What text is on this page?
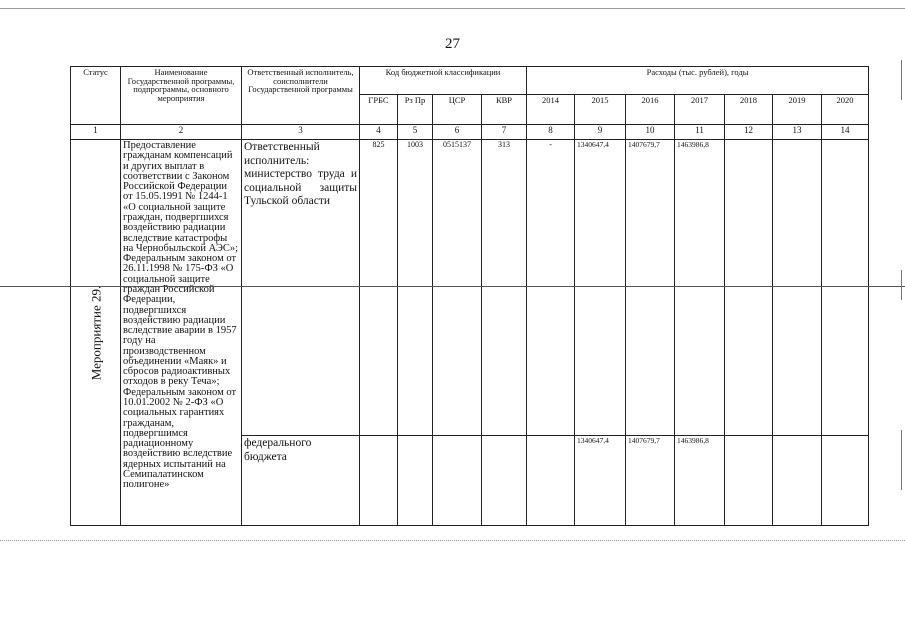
27
Статус	Наименование Государственной программы, подпрограммы, основного мероприятия	Ответственный исполнитель, соисполнители Государственной программы	Код бюджетной классификации				Расходы (тыс. рублей), годы						
			ГРБС	Рз Пр	ЦСР	КВР	2014	2015	2016	2017	2018	2019	2020
1	2	3	4	5	6	7	8	9	10	11	12	13	14

Мероприятие 29.	Предоставление гражданам компенсаций и других выплат в соответствии с Законом Российской Федерации от 15.05.1991 № 1244-1 «О социальной защите граждан, подвергшихся воздействию радиации вследствие катастрофы на Чернобыльской АЭС»; Федеральным законом от 26.11.1998 № 175-ФЗ «О социальной защите граждан Российской Федерации, подвергшихся воздействию радиации вследствие аварии в 1957 году на производственном объединении «Маяк» и сбросов радиоактивных отходов в реку Теча»; Федеральным законом от 10.01.2002 № 2-ФЗ «О социальных гарантиях гражданам, подвергшимся радиационному воздействию вследствие ядерных испытаний на Семипалатинском полигоне»	Ответственный исполнитель: министерство труда и социальной защиты Тульской области	825	1003	0515137	313	-	1340647,4	1407679,7	1463986,8			
		федерального бюджета						1340647,4	1407679,7	1463986,8			
